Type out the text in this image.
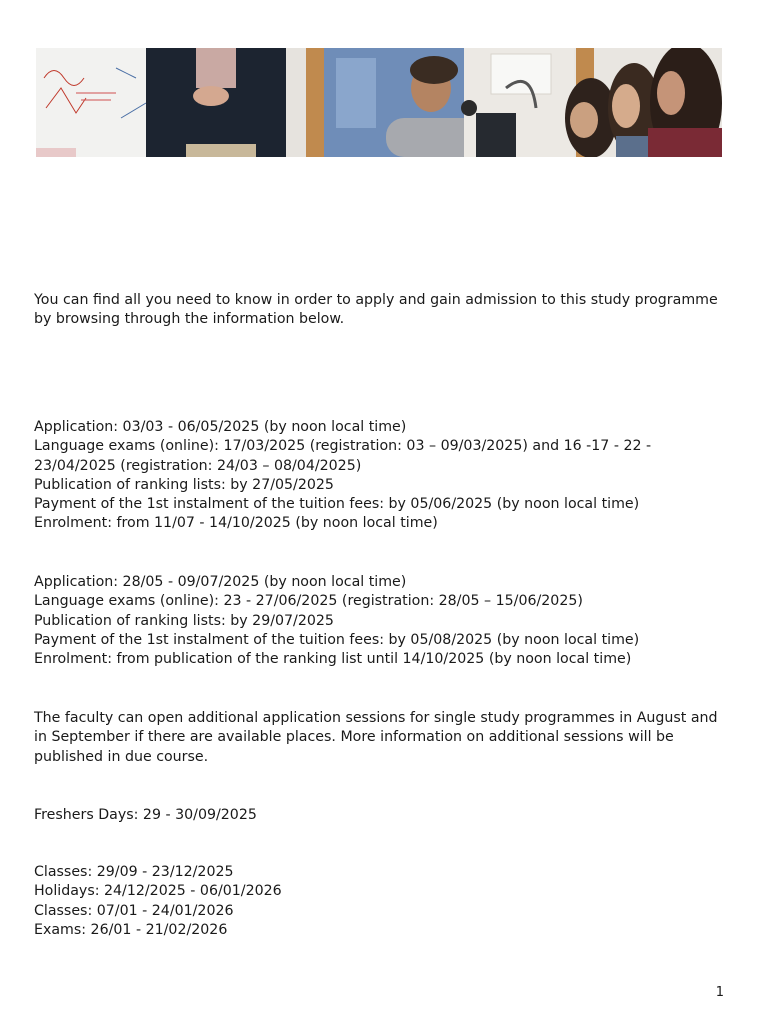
You can find all you need to know in order to apply and gain admission to this study programme by browsing through the information below.

Application: 03/03 - 06/05/2025 (by noon local time)
Language exams (online): 17/03/2025 (registration: 03 – 09/03/2025) and 16 -17 - 22 - 23/04/2025 (registration: 24/03 – 08/04/2025)
Publication of ranking lists: by 27/05/2025
Payment of the 1st instalment of the tuition fees: by 05/06/2025 (by noon local time)
Enrolment: from 11/07 - 14/10/2025 (by noon local time)
Application: 28/05 - 09/07/2025 (by noon local time)
Language exams (online): 23 - 27/06/2025 (registration: 28/05 – 15/06/2025)
Publication of ranking lists: by 29/07/2025
Payment of the 1st instalment of the tuition fees: by 05/08/2025 (by noon local time)
Enrolment: from publication of the ranking list until 14/10/2025 (by noon local time)

The faculty can open additional application sessions for single study programmes in August and in September if there are available places. More information on additional sessions will be published in due course.

Freshers Days: 29 - 30/09/2025

Classes: 29/09 - 23/12/2025
Holidays: 24/12/2025 - 06/01/2026
Classes: 07/01 - 24/01/2026
Exams: 26/01 - 21/02/2026
1
